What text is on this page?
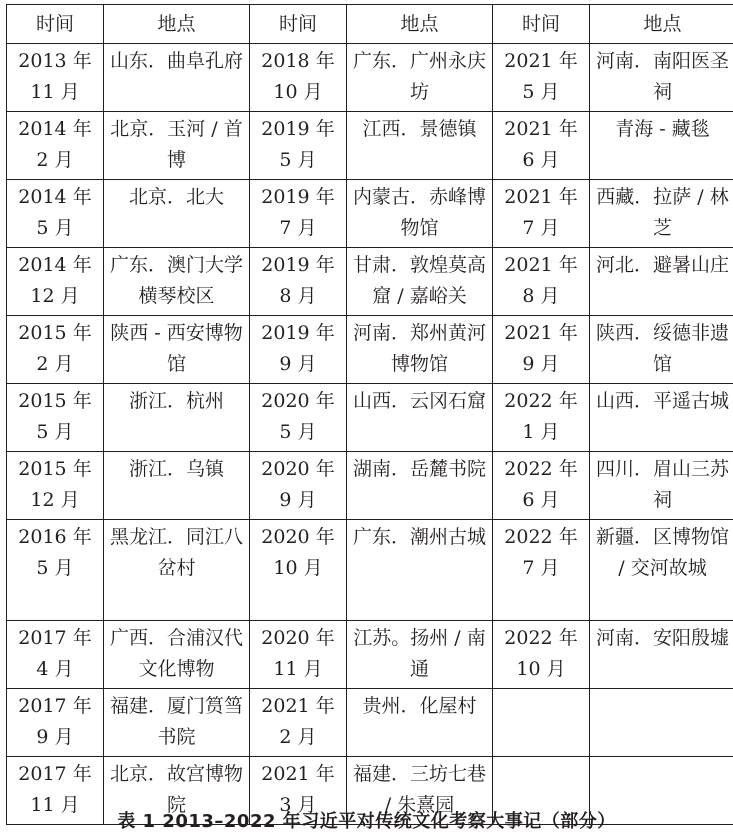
时间	地点	时间	地点	时间	地点
2013 年 11 月	山东．曲阜孔府	2018 年 10 月	广东．广州永庆坊	2021 年 5 月	河南．南阳医圣祠
2014 年 2 月	北京．玉河 / 首博	2019 年 5 月	江西．景德镇	2021 年 6 月	青海 - 藏毯
2014 年 5 月	北京．北大	2019 年 7 月	内蒙古．赤峰博物馆	2021 年 7 月	西藏．拉萨 / 林芝
2014 年 12 月	广东．澳门大学横琴校区	2019 年 8 月	甘肃．敦煌莫高窟 / 嘉峪关	2021 年 8 月	河北．避暑山庄
2015 年 2 月	陕西 - 西安博物馆	2019 年 9 月	河南．郑州黄河博物馆	2021 年 9 月	陕西．绥德非遗馆
2015 年 5 月	浙江．杭州	2020 年 5 月	山西．云冈石窟	2022 年 1 月	山西．平遥古城
2015 年 12 月	浙江．乌镇	2020 年 9 月	湖南．岳麓书院	2022 年 6 月	四川．眉山三苏祠
2016 年 5 月	黑龙江．同江八岔村	2020 年 10 月	广东．潮州古城	2022 年 7 月	新疆．区博物馆 / 交河故城
2017 年 4 月	广西．合浦汉代文化博物	2020 年 11 月	江苏。扬州 / 南通	2022 年 10 月	河南．安阳殷墟
2017 年 9 月	福建．厦门筼筜书院	2021 年 2 月	贵州．化屋村		
2017 年 11 月	北京．故宫博物院	2021 年 3 月	福建．三坊七巷 / 朱熹园		
表 1 2013–2022 年习近平对传统文化考察大事记（部分）
